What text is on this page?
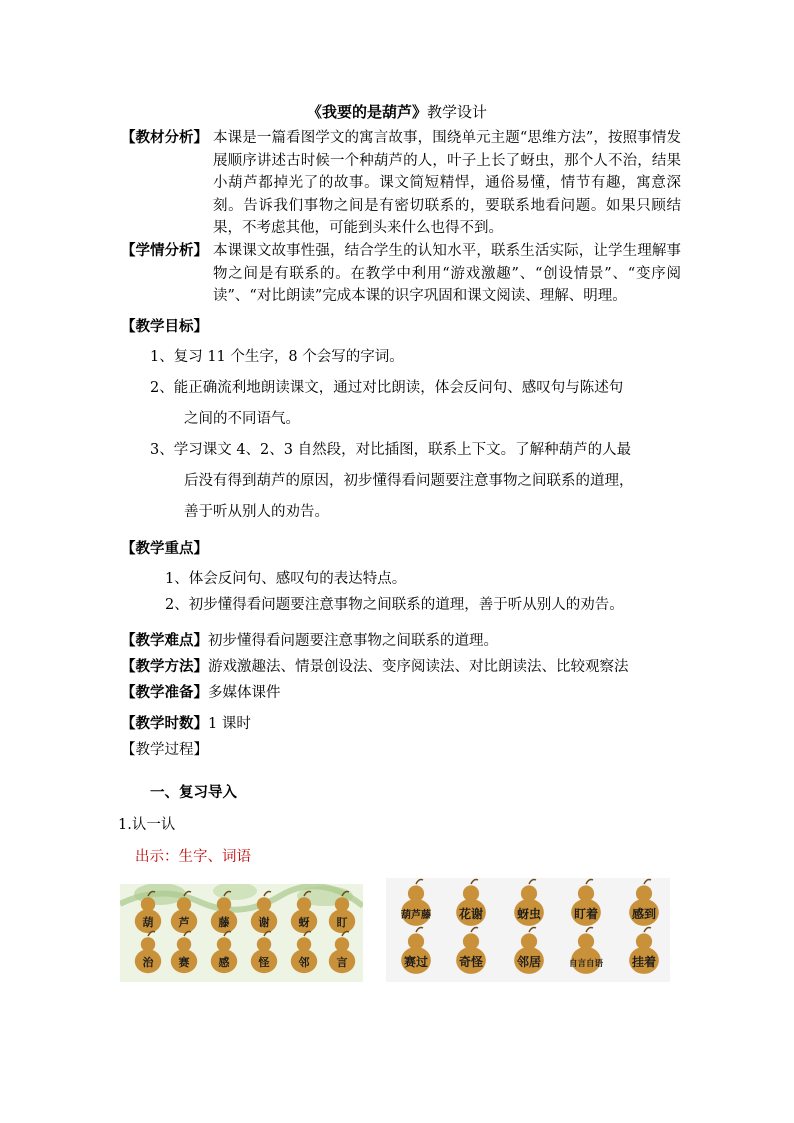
《我要的是葫芦》教学设计
【教材分析】 本课是一篇看图学文的寓言故事，围绕单元主题“思维方法”，按照事情发展顺序讲述古时候一个种葫芦的人，叶子上长了蚜虫，那个人不治，结果小葫芦都掉光了的故事。课文简短精悍，通俗易懂，情节有趣，寓意深刻。告诉我们事物之间是有密切联系的，要联系地看问题。如果只顾结果，不考虑其他，可能到头来什么也得不到。
【学情分析】 本课课文故事性强，结合学生的认知水平，联系生活实际，让学生理解事物之间是有联系的。在教学中利用“游戏激趣”、“创设情景”、“变序阅读”、“对比朗读”完成本课的识字巩固和课文阅读、理解、明理。
【教学目标】
1、复习 11 个生字，8 个会写的字词。
2、能正确流利地朗读课文，通过对比朗读，体会反问句、感叹句与陈述句
之间的不同语气。
3、学习课文 4、2、3 自然段，对比插图，联系上下文。了解种葫芦的人最
后没有得到葫芦的原因，初步懂得看问题要注意事物之间联系的道理，
善于听从别人的劝告。
【教学重点】
1、体会反问句、感叹句的表达特点。
2、初步懂得看问题要注意事物之间联系的道理，善于听从别人的劝告。
【教学难点】初步懂得看问题要注意事物之间联系的道理。
【教学方法】游戏激趣法、情景创设法、变序阅读法、对比朗读法、比较观察法
【教学准备】多媒体课件
【教学时数】1 课时
【教学过程】
一、复习导入
1.认一认
出示：生字、词语
葫 芦	藤	谢	蚜 盯
治 赛	感	怪	邻 言
葫芦藤 花谢	蚜虫	盯着	感到
赛过	奇怪	邻居	自言自语 挂着
